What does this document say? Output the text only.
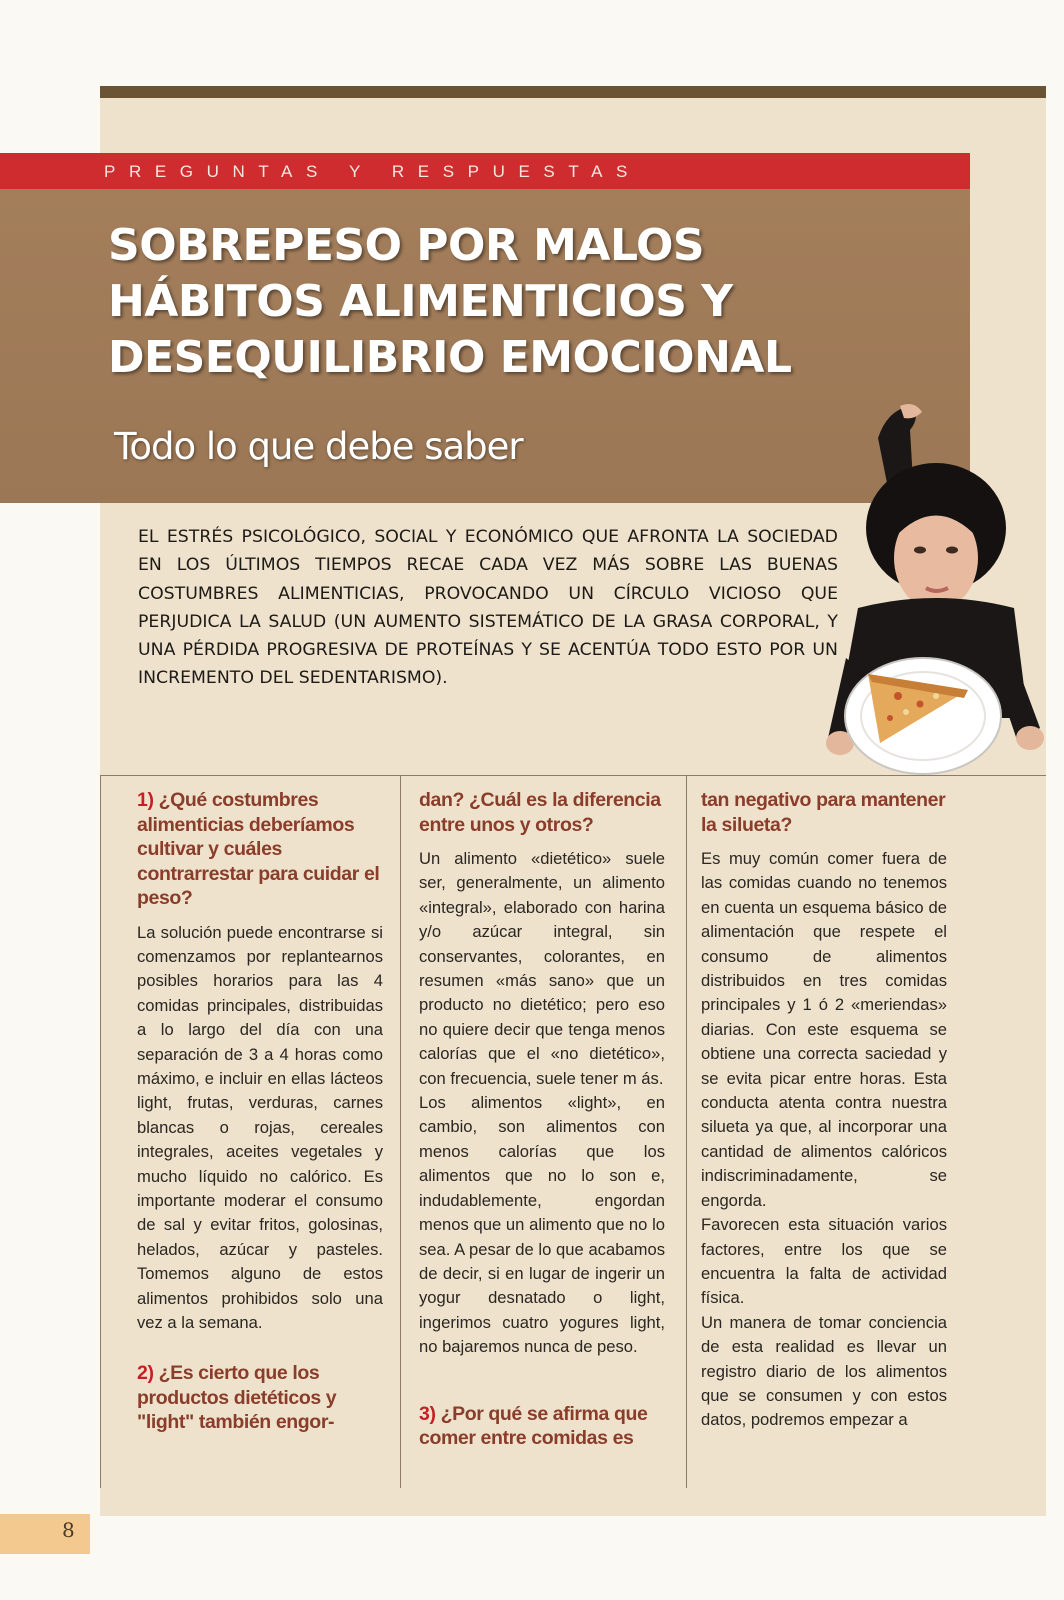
PREGUNTAS Y RESPUESTAS
SOBREPESO POR MALOS
HÁBITOS ALIMENTICIOS Y
DESEQUILIBRIO EMOCIONAL
Todo lo que debe saber
EL ESTRÉS PSICOLÓGICO, SOCIAL Y ECONÓMICO QUE AFRONTA LA SOCIEDAD EN LOS ÚLTIMOS TIEMPOS RECAE CADA VEZ MÁS SOBRE LAS BUENAS COSTUMBRES ALIMENTICIAS, PROVOCANDO UN CÍRCULO VICIOSO QUE PERJUDICA LA SALUD (UN AUMENTO SISTEMÁTICO DE LA GRASA CORPORAL, Y UNA PÉRDIDA PROGRESIVA DE PROTEÍNAS Y SE ACENTÚA TODO ESTO POR UN INCREMENTO DEL SEDENTARISMO).

1) ¿Qué costumbres alimenticias deberíamos cultivar y cuáles contrarrestar para cuidar el peso?

La solución puede encontrarse si comenzamos por replantearnos posibles horarios para las 4 comidas principales, distribuidas a lo largo del día con una separación de 3 a 4 horas como máximo, e incluir en ellas lácteos light, frutas, verduras, carnes blancas o rojas, cereales integrales, aceites vegetales y mucho líquido no calórico. Es importante moderar el consumo de sal y evitar fritos, golosinas, helados, azúcar y pasteles. Tomemos alguno de estos alimentos prohibidos solo una vez a la semana.

2) ¿Es cierto que los productos dietéticos y "light" también engor-

dan? ¿Cuál es la diferencia entre unos y otros?

Un alimento «dietético» suele ser, generalmente, un alimento «integral», elaborado con harina y/o azúcar integral, sin conservantes, colorantes, en resumen «más sano» que un producto no dietético; pero eso no quiere decir que tenga menos calorías que el «no dietético», con frecuencia, suele tener m ás.

Los alimentos «light», en cambio, son alimentos con menos calorías que los alimentos que no lo son e, indudablemente, engordan menos que un alimento que no lo sea. A pesar de lo que acabamos de decir, si en lugar de ingerir un yogur desnatado o light, ingerimos cuatro yogures light, no bajaremos nunca de peso.

3) ¿Por qué se afirma que comer entre comidas es

tan negativo para mantener la silueta?

Es muy común comer fuera de las comidas cuando no tenemos en cuenta un esquema básico de alimentación que respete el consumo de alimentos distribuidos en tres comidas principales y 1 ó 2 «meriendas» diarias. Con este esquema se obtiene una correcta saciedad y se evita picar entre horas. Esta conducta atenta contra nuestra silueta ya que, al incorporar una cantidad de alimentos calóricos indiscriminadamente, se engorda.

Favorecen esta situación varios factores, entre los que se encuentra la falta de actividad física.

Un manera de tomar conciencia de esta realidad es llevar un registro diario de los alimentos que se consumen y con estos datos, podremos empezar a

8
